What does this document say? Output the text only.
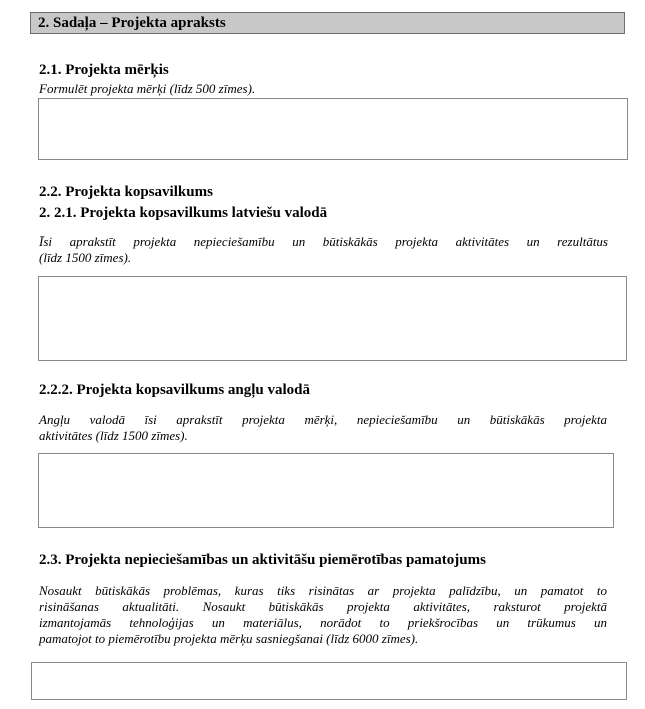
2. Sadaļa – Projekta apraksts
2.1. Projekta mērķis
Formulēt projekta mērķi (līdz 500 zīmes).
2.2. Projekta kopsavilkums
2. 2.1. Projekta kopsavilkums latviešu valodā
Īsi aprakstīt projekta nepieciešamību un būtiskākās projekta aktivitātes un rezultātus
(līdz 1500 zīmes).
2.2.2. Projekta kopsavilkums angļu valodā
Angļu valodā īsi aprakstīt projekta mērķi, nepieciešamību un būtiskākās projekta
aktivitātes (līdz 1500 zīmes).
2.3. Projekta nepieciešamības un aktivitāšu piemērotības pamatojums
Nosaukt būtiskākās problēmas, kuras tiks risinātas ar projekta palīdzību, un pamatot to
risināšanas aktualitāti. Nosaukt būtiskākās projekta aktivitātes, raksturot projektā
izmantojamās tehnoloģijas un materiālus, norādot to priekšrocības un trūkumus un
pamatojot to piemērotību projekta mērķu sasniegšanai (līdz 6000 zīmes).
